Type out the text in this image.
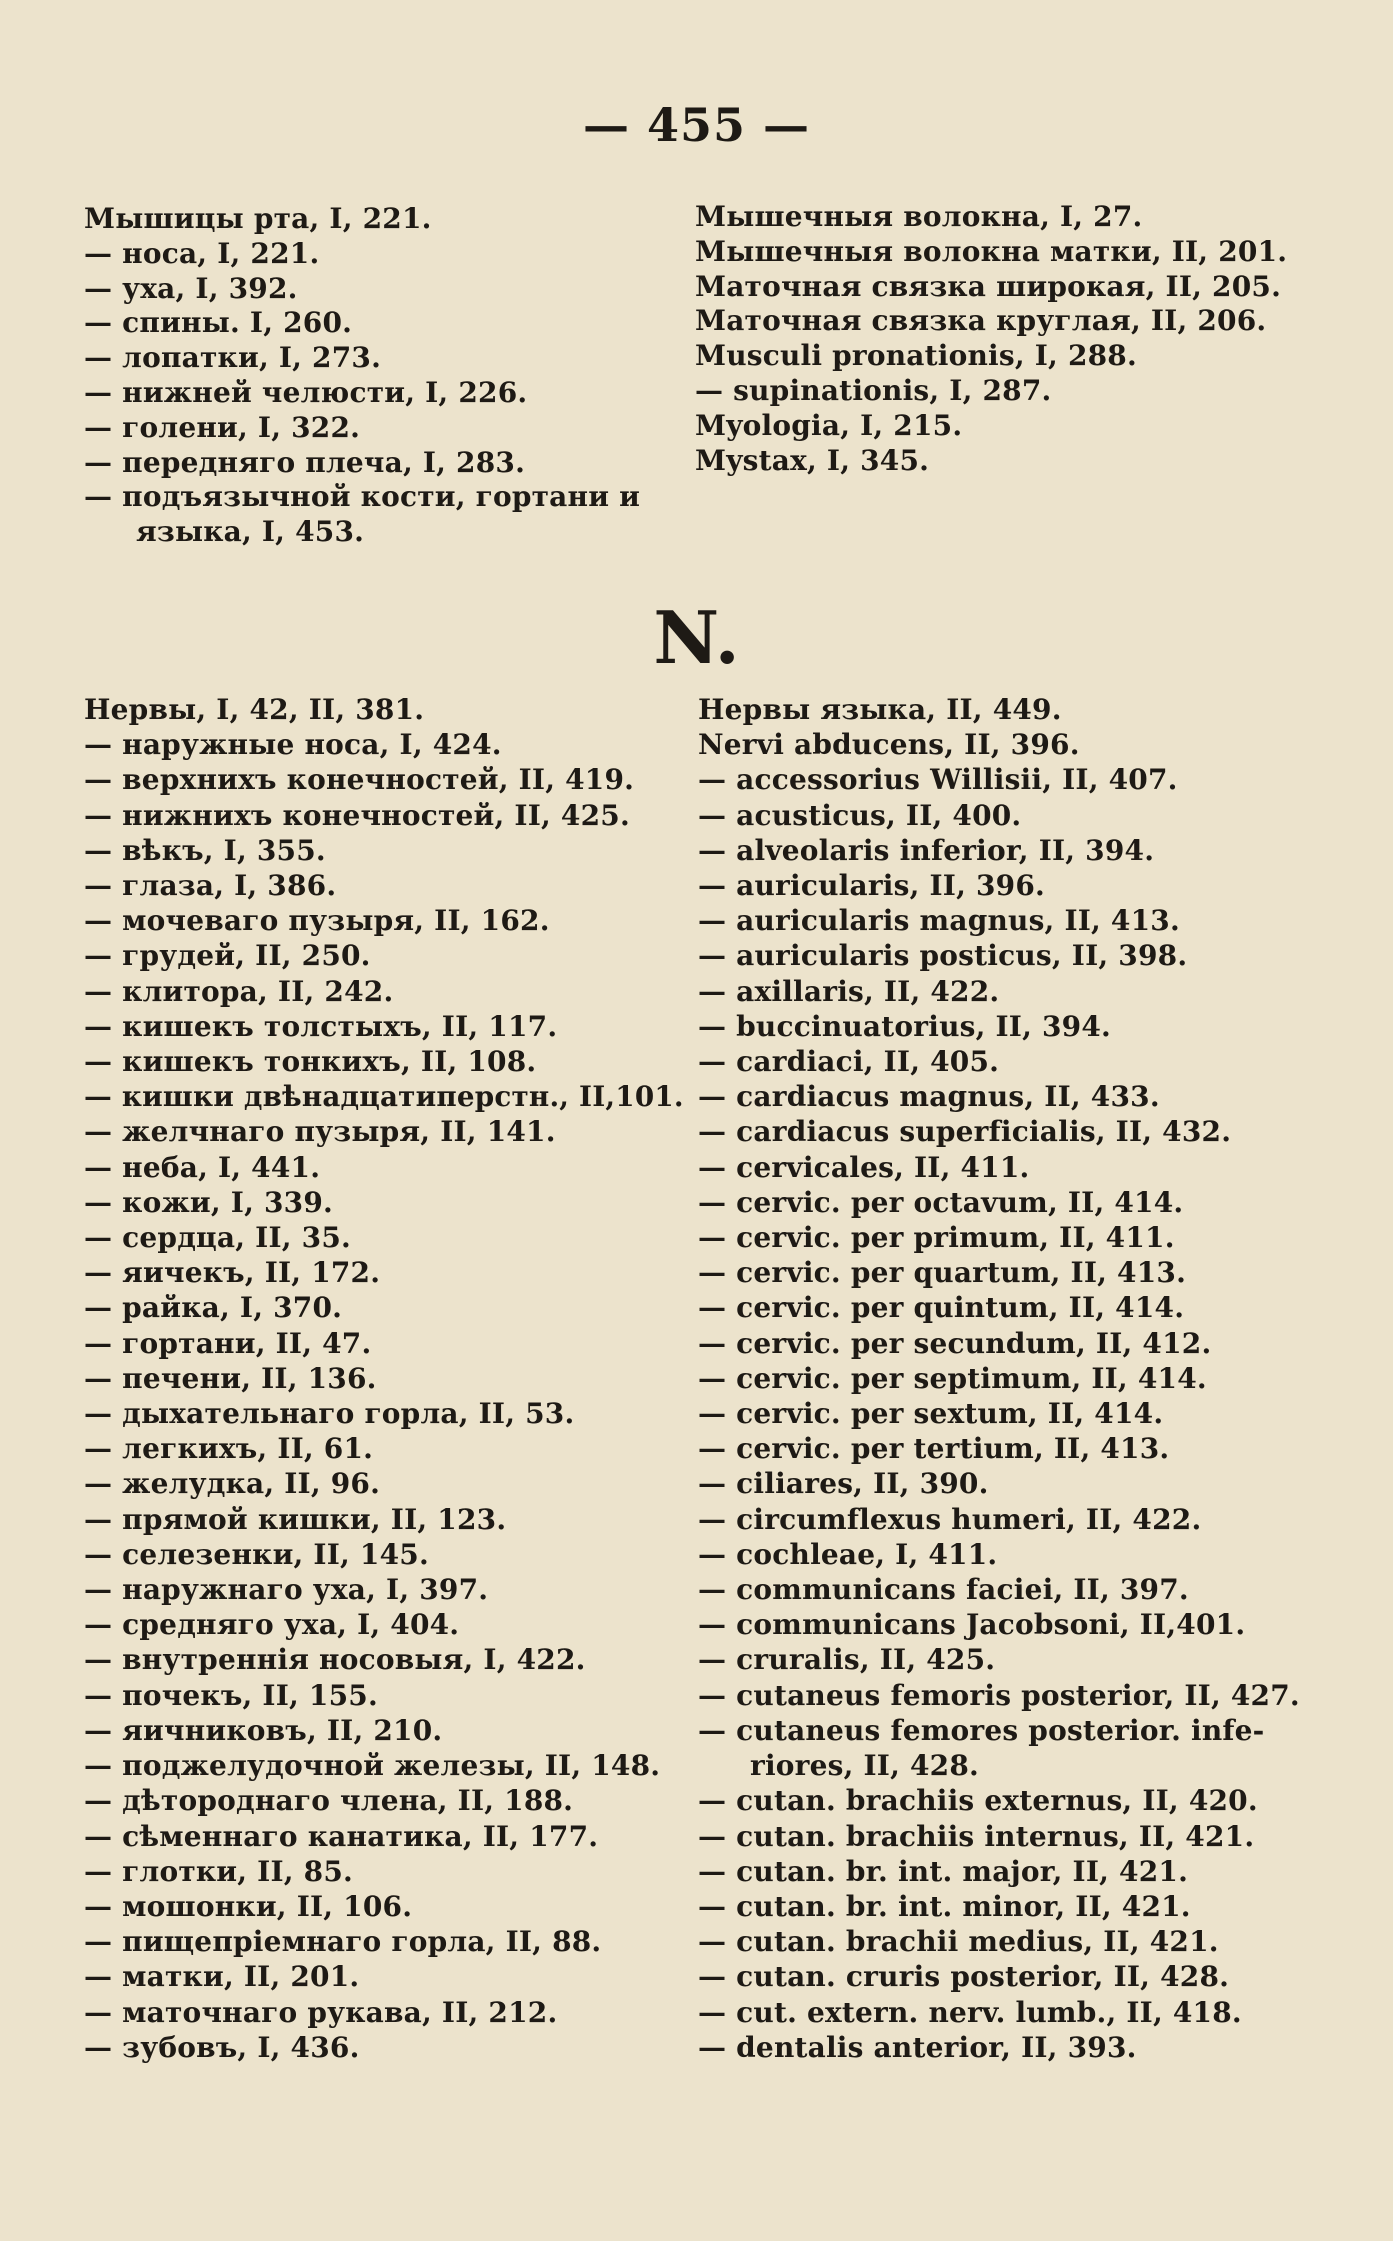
— 455 —
Мышицы рта, I, 221.
— носа, I, 221.
— уха, I, 392.
— спины. I, 260.
— лопатки, I, 273.
— нижней челюсти, I, 226.
— голени, I, 322.
— передняго плеча, I, 283.
— подъязычной кости, гортани и
языка, I, 453.
Мышечныя волокна, I, 27.
Мышечныя волокна матки, II, 201.
Маточная связка широкая, II, 205.
Маточная связка круглая, II, 206.
Musculi pronationis, I, 288.
— supinationis, I, 287.
Myologia, I, 215.
Mystax, I, 345.
N.
Нервы, I, 42, II, 381.
— наружные носа, I, 424.
— верхнихъ конечностей, II, 419.
— нижнихъ конечностей, II, 425.
— вѣкъ, I, 355.
— глаза, I, 386.
— мочеваго пузыря, II, 162.
— грудей, II, 250.
— клитора, II, 242.
— кишекъ толстыхъ, II, 117.
— кишекъ тонкихъ, II, 108.
— кишки двѣнадцатиперстн., II,101.
— желчнаго пузыря, II, 141.
— неба, I, 441.
— кожи, I, 339.
— сердца, II, 35.
— яичекъ, II, 172.
— райка, I, 370.
— гортани, II, 47.
— печени, II, 136.
— дыхательнаго горла, II, 53.
— легкихъ, II, 61.
— желудка, II, 96.
— прямой кишки, II, 123.
— селезенки, II, 145.
— наружнаго уха, I, 397.
— средняго уха, I, 404.
— внутреннія носовыя, I, 422.
— почекъ, II, 155.
— яичниковъ, II, 210.
— поджелудочной железы, II, 148.
— дѣтороднаго члена, II, 188.
— сѣменнаго канатика, II, 177.
— глотки, II, 85.
— мошонки, II, 106.
— пищепріемнаго горла, II, 88.
— матки, II, 201.
— маточнаго рукава, II, 212.
— зубовъ, I, 436.
Нервы языка, II, 449.
Nervi abducens, II, 396.
— accessorius Willisii, II, 407.
— acusticus, II, 400.
— alveolaris inferior, II, 394.
— auricularis, II, 396.
— auricularis magnus, II, 413.
— auricularis posticus, II, 398.
— axillaris, II, 422.
— buccinuatorius, II, 394.
— cardiaci, II, 405.
— cardiacus magnus, II, 433.
— cardiacus superficialis, II, 432.
— cervicales, II, 411.
— cervic. per octavum, II, 414.
— cervic. per primum, II, 411.
— cervic. per quartum, II, 413.
— cervic. per quintum, II, 414.
— cervic. per secundum, II, 412.
— cervic. per septimum, II, 414.
— cervic. per sextum, II, 414.
— cervic. per tertium, II, 413.
— ciliares, II, 390.
— circumflexus humeri, II, 422.
— cochleae, I, 411.
— communicans faciei, II, 397.
— communicans Jacobsoni, II,401.
— cruralis, II, 425.
— cutaneus femoris posterior, II, 427.
— cutaneus femores posterior. infe-
riores, II, 428.
— cutan. brachiis externus, II, 420.
— cutan. brachiis internus, II, 421.
— cutan. br. int. major, II, 421.
— cutan. br. int. minor, II, 421.
— cutan. brachii medius, II, 421.
— cutan. cruris posterior, II, 428.
— cut. extern. nerv. lumb., II, 418.
— dentalis anterior, II, 393.
